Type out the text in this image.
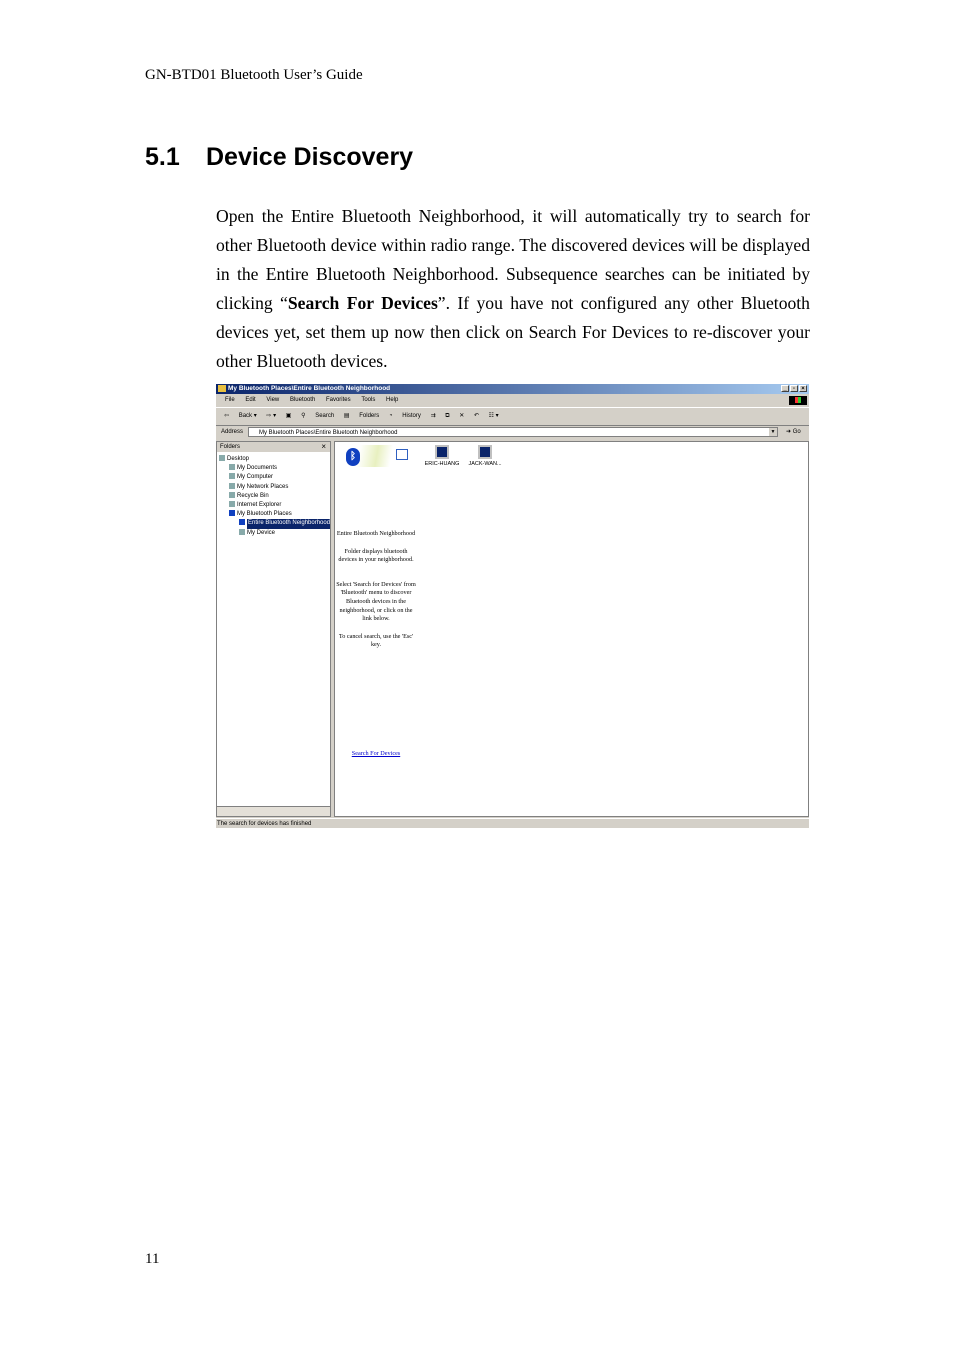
GN-BTD01 Bluetooth User’s Guide
5.1 Device Discovery

Open the Entire Bluetooth Neighborhood, it will automatically try to search for other Bluetooth device within radio range. The discovered devices will be displayed in the Entire Bluetooth Neighborhood. Subsequence searches can be initiated by clicking “Search For Devices”. If you have not configured any other Bluetooth devices yet, set them up now then click on Search For Devices to re-discover your other Bluetooth devices.

My Bluetooth Places\Entire Bluetooth Neighborhood	_	▫	×
File Edit View Bluetooth Favorites Tools Help
⇦ Back ▾ ⇨ ▾ ▣ ⚲ Search ▤ Folders ◔ History ⇉ ⧉ ✕ ↶ ☷ ▾
Address	My Bluetooth Places\Entire Bluetooth Neighborhood	▼ ➜ Go
Folders	×
Desktop
My Documents
My Computer
My Network Places
Recycle Bin
Internet Explorer
My Bluetooth Places
Entire Bluetooth Neighborhood
My Device
ᛒ
ERIC-HUANG	JACK-WAN...

Entire Bluetooth Neighborhood

Folder displays bluetooth devices in your neighborhood.

Select 'Search for Devices' from 'Bluetooth' menu to discover Bluetooth devices in the neighborhood, or click on the link below.

To cancel search, use the 'Esc' key.

Search For Devices
The search for devices has finished
11
